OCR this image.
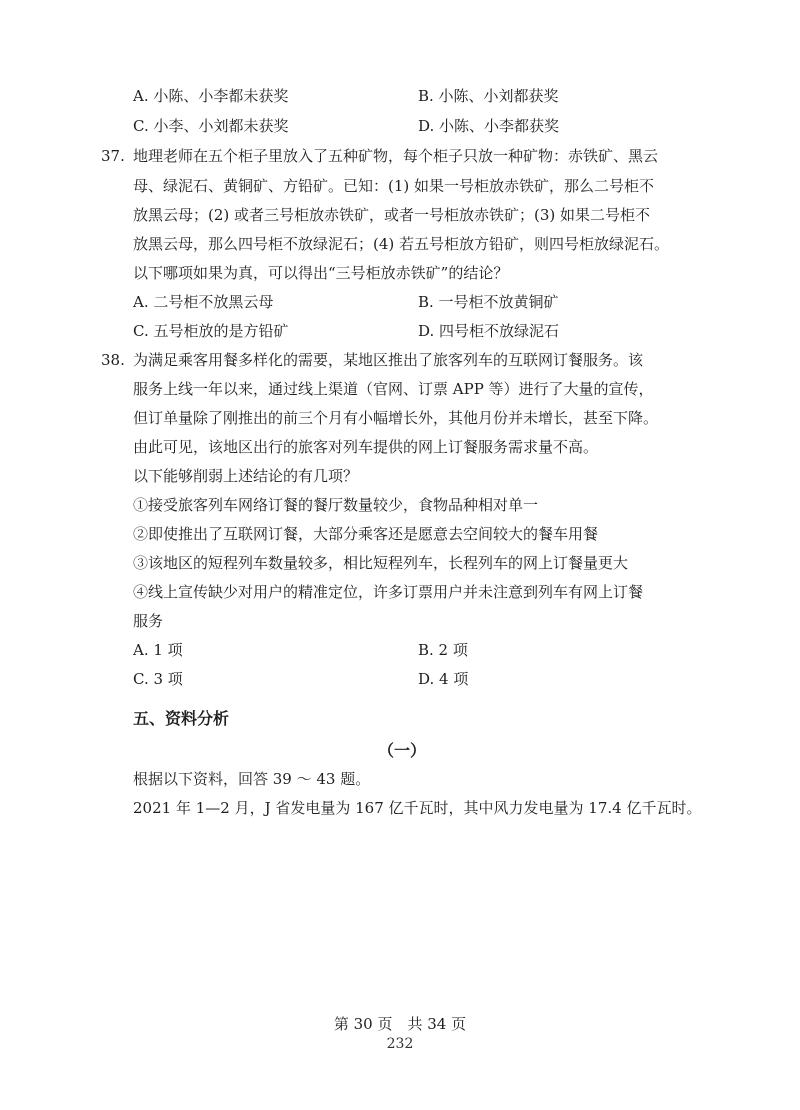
A. 小陈、小李都未获奖	B. 小陈、小刘都获奖
C. 小李、小刘都未获奖	D. 小陈、小李都获奖
37. 地理老师在五个柜子里放入了五种矿物，每个柜子只放一种矿物：赤铁矿、黑云
母、绿泥石、黄铜矿、方铅矿。已知：(1) 如果一号柜放赤铁矿，那么二号柜不
放黑云母；(2) 或者三号柜放赤铁矿，或者一号柜放赤铁矿；(3) 如果二号柜不
放黑云母，那么四号柜不放绿泥石；(4) 若五号柜放方铅矿，则四号柜放绿泥石。
以下哪项如果为真，可以得出“三号柜放赤铁矿”的结论？
A. 二号柜不放黑云母	B. 一号柜不放黄铜矿
C. 五号柜放的是方铅矿	D. 四号柜不放绿泥石
38. 为满足乘客用餐多样化的需要，某地区推出了旅客列车的互联网订餐服务。该
服务上线一年以来，通过线上渠道（官网、订票 APP 等）进行了大量的宣传，
但订单量除了刚推出的前三个月有小幅增长外，其他月份并未增长，甚至下降。
由此可见，该地区出行的旅客对列车提供的网上订餐服务需求量不高。
以下能够削弱上述结论的有几项？
①接受旅客列车网络订餐的餐厅数量较少，食物品种相对单一
②即使推出了互联网订餐，大部分乘客还是愿意去空间较大的餐车用餐
③该地区的短程列车数量较多，相比短程列车，长程列车的网上订餐量更大
④线上宣传缺少对用户的精准定位，许多订票用户并未注意到列车有网上订餐
服务
A. 1 项	B. 2 项
C. 3 项	D. 4 项
五、资料分析
（一）
根据以下资料，回答 39 ～ 43 题。
2021 年 1—2 月，J 省发电量为 167 亿千瓦时，其中风力发电量为 17.4 亿千瓦时。
第 30 页　共 34 页
232
